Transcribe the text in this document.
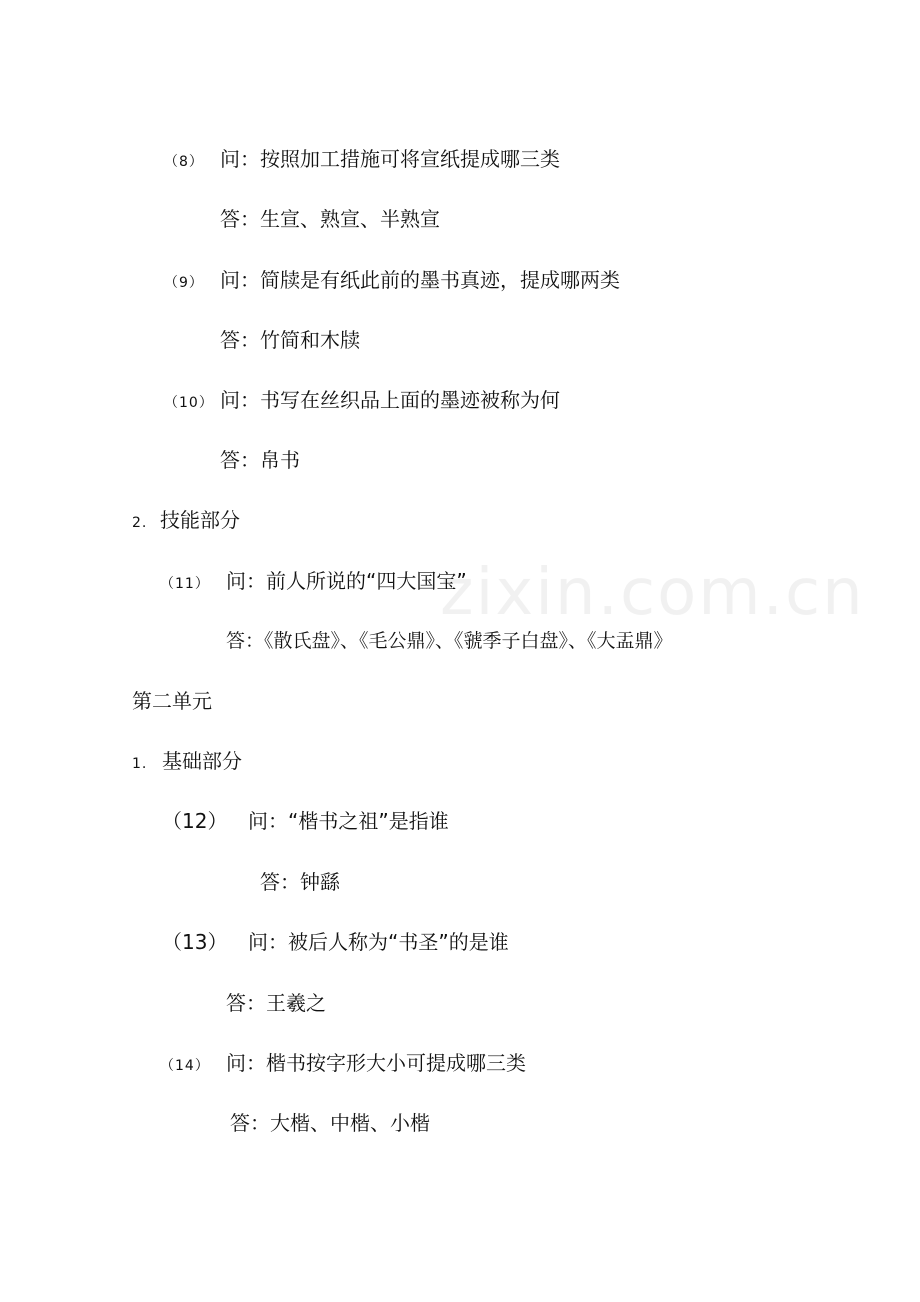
zixin.com.cn
（8） 问：按照加工措施可将宣纸提成哪三类
答：生宣、熟宣、半熟宣
（9） 问：简牍是有纸此前的墨书真迹，提成哪两类
答：竹简和木牍
（10） 问：书写在丝织品上面的墨迹被称为何
答：帛书
2. 技能部分
（11） 问：前人所说的“四大国宝”
答：《散氏盘》、《毛公鼎》、《虢季子白盘》、《大盂鼎》
第二单元
1. 基础部分
（12） 问：“楷书之祖”是指谁
答：钟繇
（13） 问：被后人称为“书圣”的是谁
答：王羲之
（14） 问：楷书按字形大小可提成哪三类
答：大楷、中楷、小楷
